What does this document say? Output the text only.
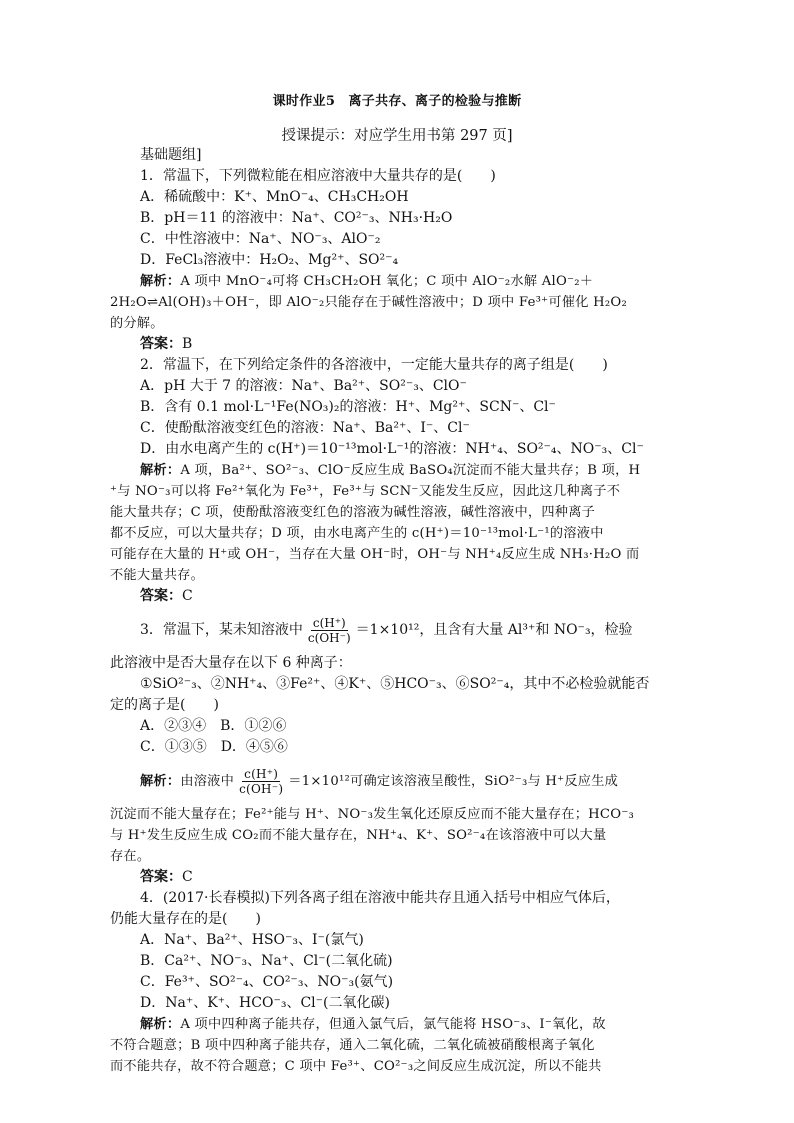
课时作业5　离子共存、离子的检验与推断
授课提示：对应学生用书第 297 页]
基础题组]
1．常温下，下列微粒能在相应溶液中大量共存的是(　　)
A．稀硫酸中：K⁺、MnO⁻₄、CH₃CH₂OH
B．pH＝11 的溶液中：Na⁺、CO²⁻₃、NH₃·H₂O
C．中性溶液中：Na⁺、NO⁻₃、AlO⁻₂
D．FeCl₃溶液中：H₂O₂、Mg²⁺、SO²⁻₄
解析：A 项中 MnO⁻₄可将 CH₃CH₂OH 氧化；C 项中 AlO⁻₂水解 AlO⁻₂＋
2H₂O⇌Al(OH)₃＋OH⁻，即 AlO⁻₂只能存在于碱性溶液中；D 项中 Fe³⁺可催化 H₂O₂
的分解。
答案：B
2．常温下，在下列给定条件的各溶液中，一定能大量共存的离子组是(　　)
A．pH 大于 7 的溶液：Na⁺、Ba²⁺、SO²⁻₃、ClO⁻
B．含有 0.1 mol·L⁻¹Fe(NO₃)₂的溶液：H⁺、Mg²⁺、SCN⁻、Cl⁻
C．使酚酞溶液变红色的溶液：Na⁺、Ba²⁺、I⁻、Cl⁻
D．由水电离产生的 c(H⁺)＝10⁻¹³mol·L⁻¹的溶液：NH⁺₄、SO²⁻₄、NO⁻₃、Cl⁻
解析：A 项，Ba²⁺、SO²⁻₃、ClO⁻反应生成 BaSO₄沉淀而不能大量共存；B 项，H
⁺与 NO⁻₃可以将 Fe²⁺氧化为 Fe³⁺，Fe³⁺与 SCN⁻又能发生反应，因此这几种离子不
能大量共存；C 项，使酚酞溶液变红色的溶液为碱性溶液，碱性溶液中，四种离子
都不反应，可以大量共存；D 项，由水电离产生的 c(H⁺)＝10⁻¹³mol·L⁻¹的溶液中
可能存在大量的 H⁺或 OH⁻，当存在大量 OH⁻时，OH⁻与 NH⁺₄反应生成 NH₃·H₂O 而
不能大量共存。
答案：C
3．常温下，某未知溶液中 $\frac{c(H^+)}{c(OH^-)} =1\times 10^{12}$，且含有大量 Al³⁺和 NO⁻₃，检验
此溶液中是否大量存在以下 6 种离子：
①SiO²⁻₃、②NH⁺₄、③Fe²⁺、④K⁺、⑤HCO⁻₃、⑥SO²⁻₄，其中不必检验就能否
定的离子是(　　)
A．②③④　B．①②⑥
C．①③⑤　D．④⑤⑥
解析： 由溶液中 $\frac{c(H^+)}{c(OH^-)} =1\times 10^{12}$可确定该溶液呈酸性，SiO²⁻₃与 H⁺反应生成
沉淀而不能大量存在；Fe²⁺能与 H⁺、NO⁻₃发生氧化还原反应而不能大量存在；HCO⁻₃
与 H⁺发生反应生成 CO₂而不能大量存在，NH⁺₄、K⁺、SO²⁻₄在该溶液中可以大量
存在。
答案：C
4．(2017·长春模拟)下列各离子组在溶液中能共存且通入括号中相应气体后，
仍能大量存在的是(　　)
A．Na⁺、Ba²⁺、HSO⁻₃、I⁻(氯气)
B．Ca²⁺、NO⁻₃、Na⁺、Cl⁻(二氧化硫)
C．Fe³⁺、SO²⁻₄、CO²⁻₃、NO⁻₃(氨气)
D．Na⁺、K⁺、HCO⁻₃、Cl⁻(二氧化碳)
解析：A 项中四种离子能共存，但通入氯气后，氯气能将 HSO⁻₃、I⁻氧化，故
不符合题意；B 项中四种离子能共存，通入二氧化硫，二氧化硫被硝酸根离子氧化
而不能共存，故不符合题意；C 项中 Fe³⁺、CO²⁻₃之间反应生成沉淀，所以不能共
